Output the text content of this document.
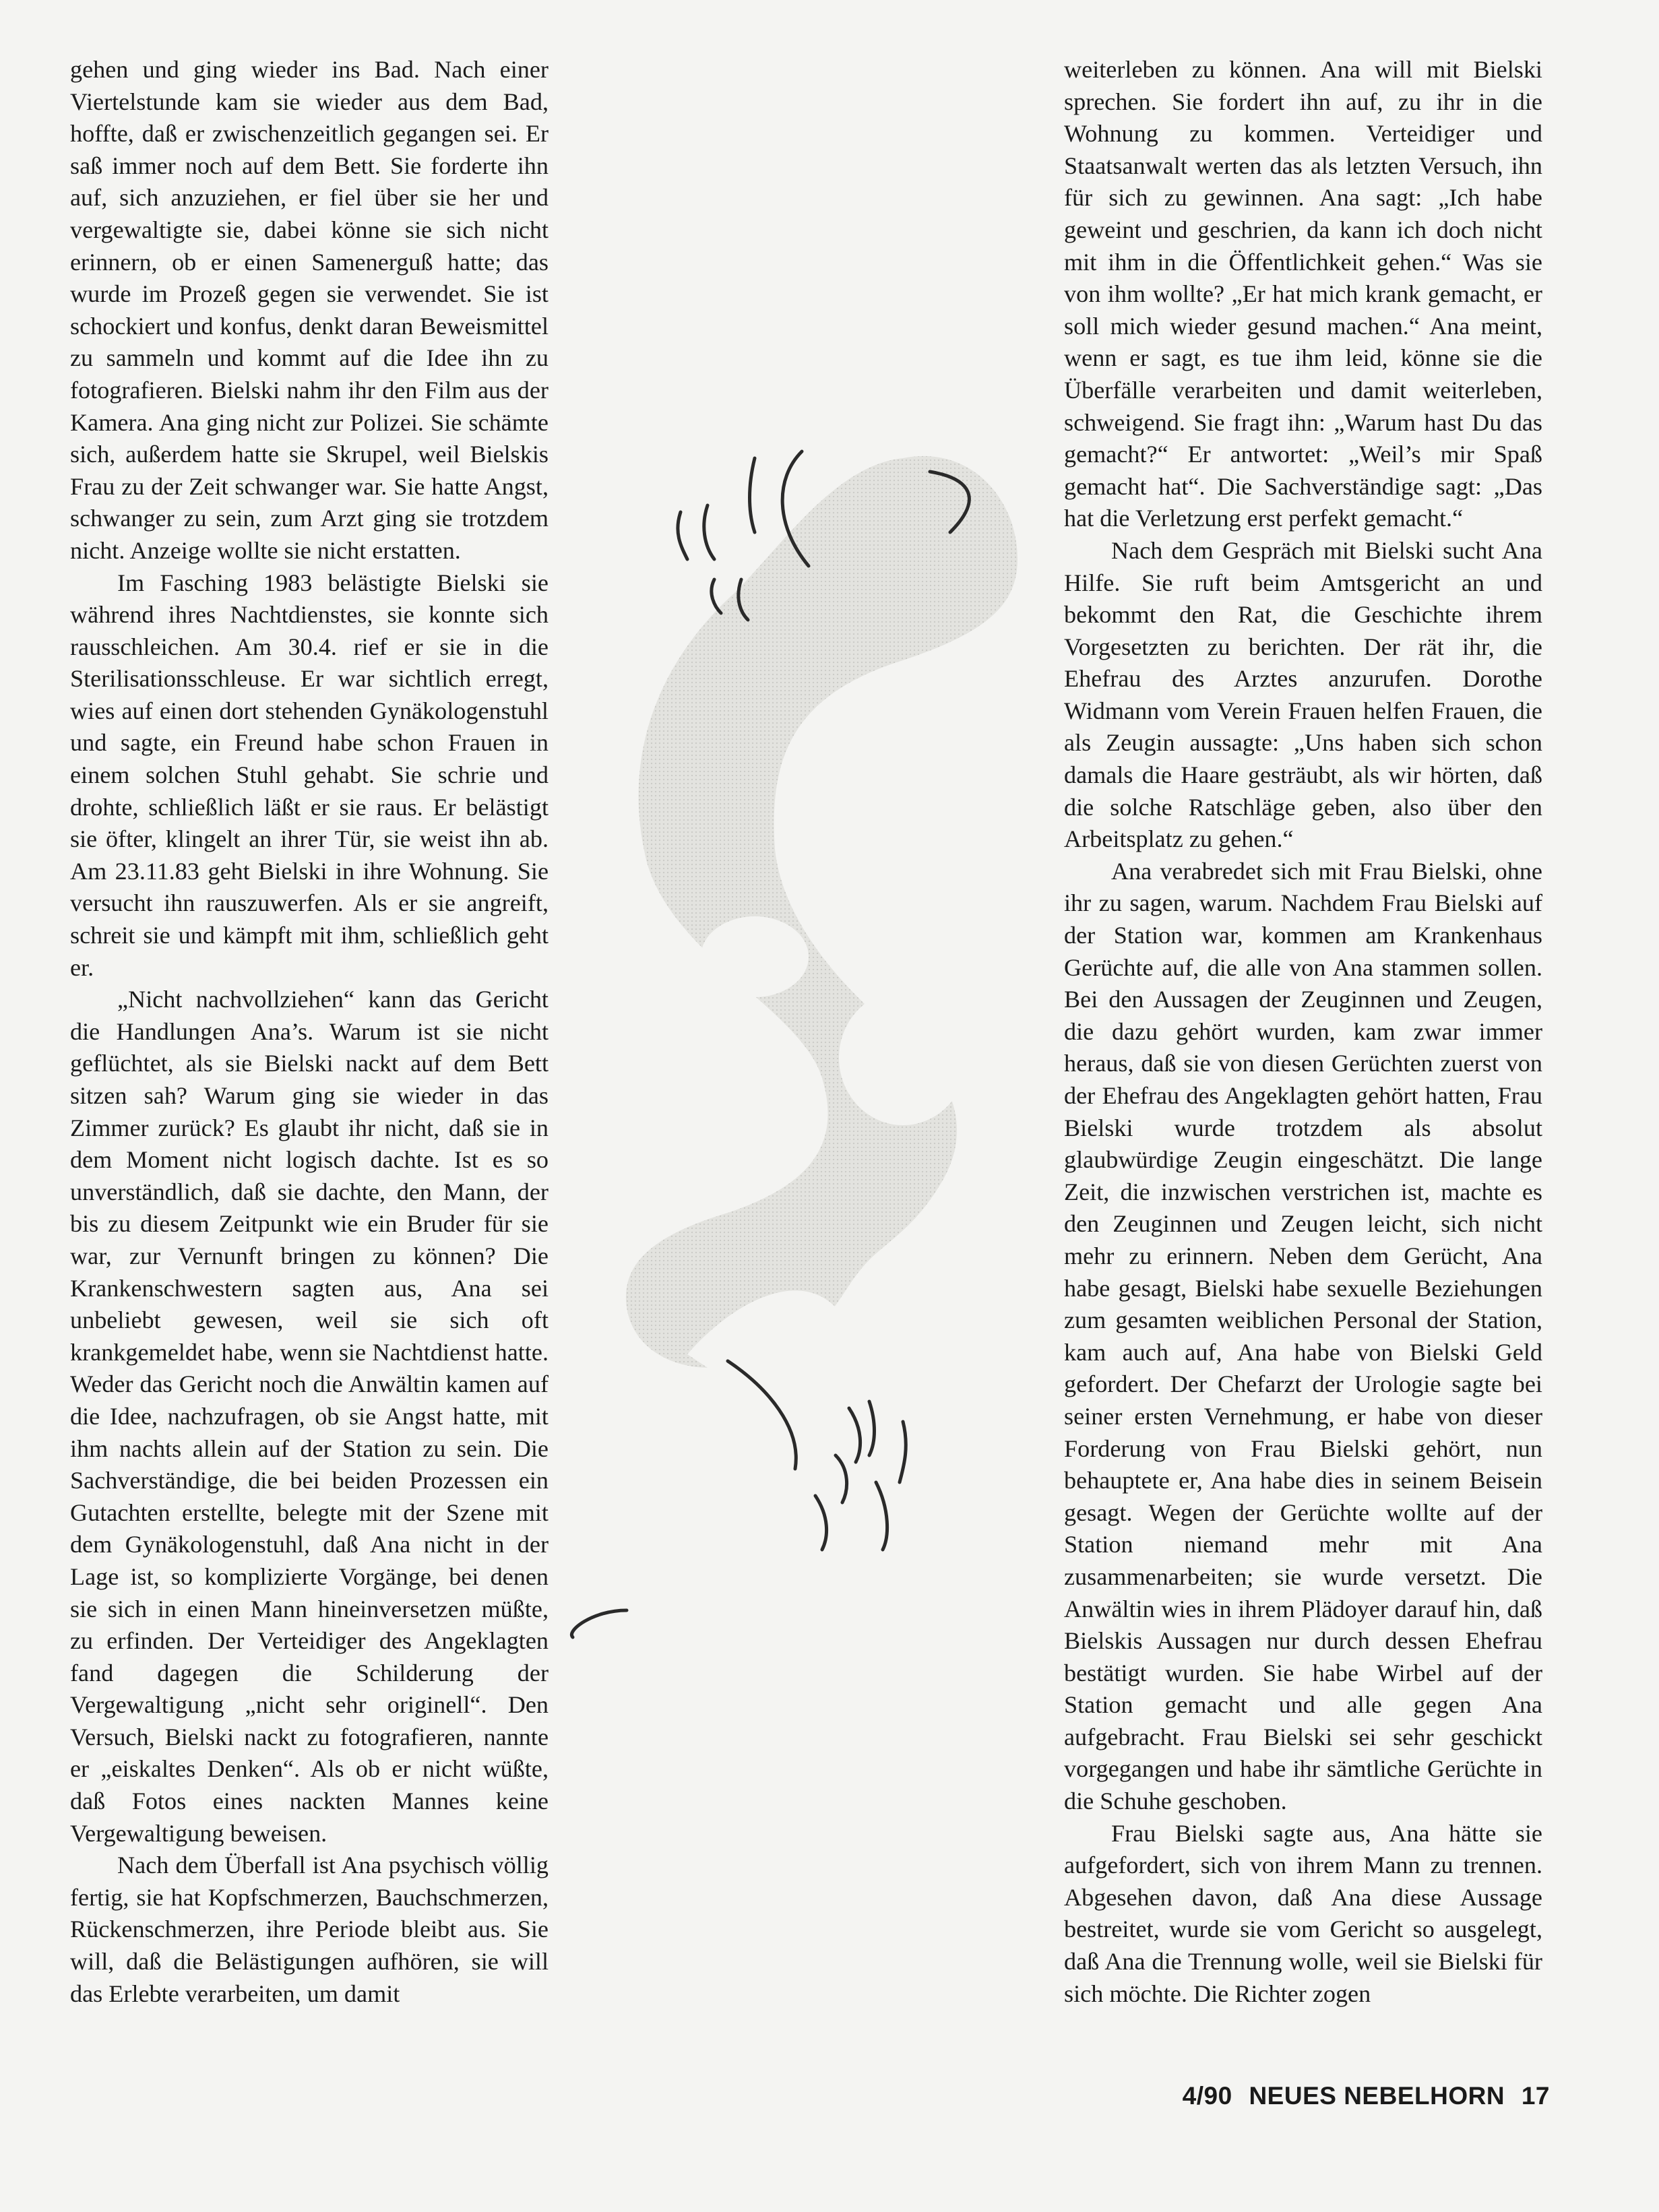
gehen und ging wieder ins Bad. Nach einer Viertelstunde kam sie wieder aus dem Bad, hoffte, daß er zwischenzeitlich gegangen sei. Er saß immer noch auf dem Bett. Sie forderte ihn auf, sich anzuziehen, er fiel über sie her und vergewaltigte sie, dabei könne sie sich nicht erinnern, ob er einen Samenerguß hatte; das wurde im Prozeß gegen sie verwendet. Sie ist schockiert und konfus, denkt daran Beweismittel zu sammeln und kommt auf die Idee ihn zu fotografieren. Bielski nahm ihr den Film aus der Kamera. Ana ging nicht zur Polizei. Sie schämte sich, außerdem hatte sie Skrupel, weil Bielskis Frau zu der Zeit schwanger war. Sie hatte Angst, schwanger zu sein, zum Arzt ging sie trotzdem nicht. Anzeige wollte sie nicht erstatten.

Im Fasching 1983 belästigte Bielski sie während ihres Nachtdienstes, sie konnte sich rausschleichen. Am 30.4. rief er sie in die Sterilisationsschleuse. Er war sichtlich erregt, wies auf einen dort stehenden Gynäkologenstuhl und sagte, ein Freund habe schon Frauen in einem solchen Stuhl gehabt. Sie schrie und drohte, schließlich läßt er sie raus. Er belästigt sie öfter, klingelt an ihrer Tür, sie weist ihn ab. Am 23.11.83 geht Bielski in ihre Wohnung. Sie versucht ihn rauszuwerfen. Als er sie angreift, schreit sie und kämpft mit ihm, schließlich geht er.

„Nicht nachvollziehen“ kann das Gericht die Handlungen Ana’s. Warum ist sie nicht geflüchtet, als sie Bielski nackt auf dem Bett sitzen sah? Warum ging sie wieder in das Zimmer zurück? Es glaubt ihr nicht, daß sie in dem Moment nicht logisch dachte. Ist es so unverständlich, daß sie dachte, den Mann, der bis zu diesem Zeitpunkt wie ein Bruder für sie war, zur Vernunft bringen zu können? Die Krankenschwestern sagten aus, Ana sei unbeliebt gewesen, weil sie sich oft krankgemeldet habe, wenn sie Nachtdienst hatte. Weder das Gericht noch die Anwältin kamen auf die Idee, nachzufragen, ob sie Angst hatte, mit ihm nachts allein auf der Station zu sein. Die Sachverständige, die bei beiden Prozessen ein Gutachten erstellte, belegte mit der Szene mit dem Gynäkologenstuhl, daß Ana nicht in der Lage ist, so komplizierte Vorgänge, bei denen sie sich in einen Mann hineinversetzen müßte, zu erfinden. Der Verteidiger des Angeklagten fand dagegen die Schilderung der Vergewaltigung „nicht sehr originell“. Den Versuch, Bielski nackt zu fotografieren, nannte er „eiskaltes Denken“. Als ob er nicht wüßte, daß Fotos eines nackten Mannes keine Vergewaltigung beweisen.

Nach dem Überfall ist Ana psychisch völlig fertig, sie hat Kopfschmerzen, Bauchschmerzen, Rückenschmerzen, ihre Periode bleibt aus. Sie will, daß die Belästigungen aufhören, sie will das Erlebte verarbeiten, um damit

weiterleben zu können. Ana will mit Bielski sprechen. Sie fordert ihn auf, zu ihr in die Wohnung zu kommen. Verteidiger und Staatsanwalt werten das als letzten Versuch, ihn für sich zu gewinnen. Ana sagt: „Ich habe geweint und geschrien, da kann ich doch nicht mit ihm in die Öffentlichkeit gehen.“ Was sie von ihm wollte? „Er hat mich krank gemacht, er soll mich wieder gesund machen.“ Ana meint, wenn er sagt, es tue ihm leid, könne sie die Überfälle verarbeiten und damit weiterleben, schweigend. Sie fragt ihn: „Warum hast Du das gemacht?“ Er antwortet: „Weil’s mir Spaß gemacht hat“. Die Sachverständige sagt: „Das hat die Verletzung erst perfekt gemacht.“

Nach dem Gespräch mit Bielski sucht Ana Hilfe. Sie ruft beim Amtsgericht an und bekommt den Rat, die Geschichte ihrem Vorgesetzten zu berichten. Der rät ihr, die Ehefrau des Arztes anzurufen. Dorothe Widmann vom Verein Frauen helfen Frauen, die als Zeugin aussagte: „Uns haben sich schon damals die Haare gesträubt, als wir hörten, daß die solche Ratschläge geben, also über den Arbeitsplatz zu gehen.“

Ana verabredet sich mit Frau Bielski, ohne ihr zu sagen, warum. Nachdem Frau Bielski auf der Station war, kommen am Krankenhaus Gerüchte auf, die alle von Ana stammen sollen. Bei den Aussagen der Zeuginnen und Zeugen, die dazu gehört wurden, kam zwar immer heraus, daß sie von diesen Gerüchten zuerst von der Ehefrau des Angeklagten gehört hatten, Frau Bielski wurde trotzdem als absolut glaubwürdige Zeugin eingeschätzt. Die lange Zeit, die inzwischen verstrichen ist, machte es den Zeuginnen und Zeugen leicht, sich nicht mehr zu erinnern. Neben dem Gerücht, Ana habe gesagt, Bielski habe sexuelle Beziehungen zum gesamten weiblichen Personal der Station, kam auch auf, Ana habe von Bielski Geld gefordert. Der Chefarzt der Urologie sagte bei seiner ersten Vernehmung, er habe von dieser Forderung von Frau Bielski gehört, nun behauptete er, Ana habe dies in seinem Beisein gesagt. Wegen der Gerüchte wollte auf der Station niemand mehr mit Ana zusammenarbeiten; sie wurde versetzt. Die Anwältin wies in ihrem Plädoyer darauf hin, daß Bielskis Aussagen nur durch dessen Ehefrau bestätigt wurden. Sie habe Wirbel auf der Station gemacht und alle gegen Ana aufgebracht. Frau Bielski sei sehr geschickt vorgegangen und habe ihr sämtliche Gerüchte in die Schuhe geschoben.

Frau Bielski sagte aus, Ana hätte sie aufgefordert, sich von ihrem Mann zu trennen. Abgesehen davon, daß Ana diese Aussage bestreitet, wurde sie vom Gericht so ausgelegt, daß Ana die Trennung wolle, weil sie Bielski für sich möchte. Die Richter zogen

4/90 NEUES NEBELHORN 17
